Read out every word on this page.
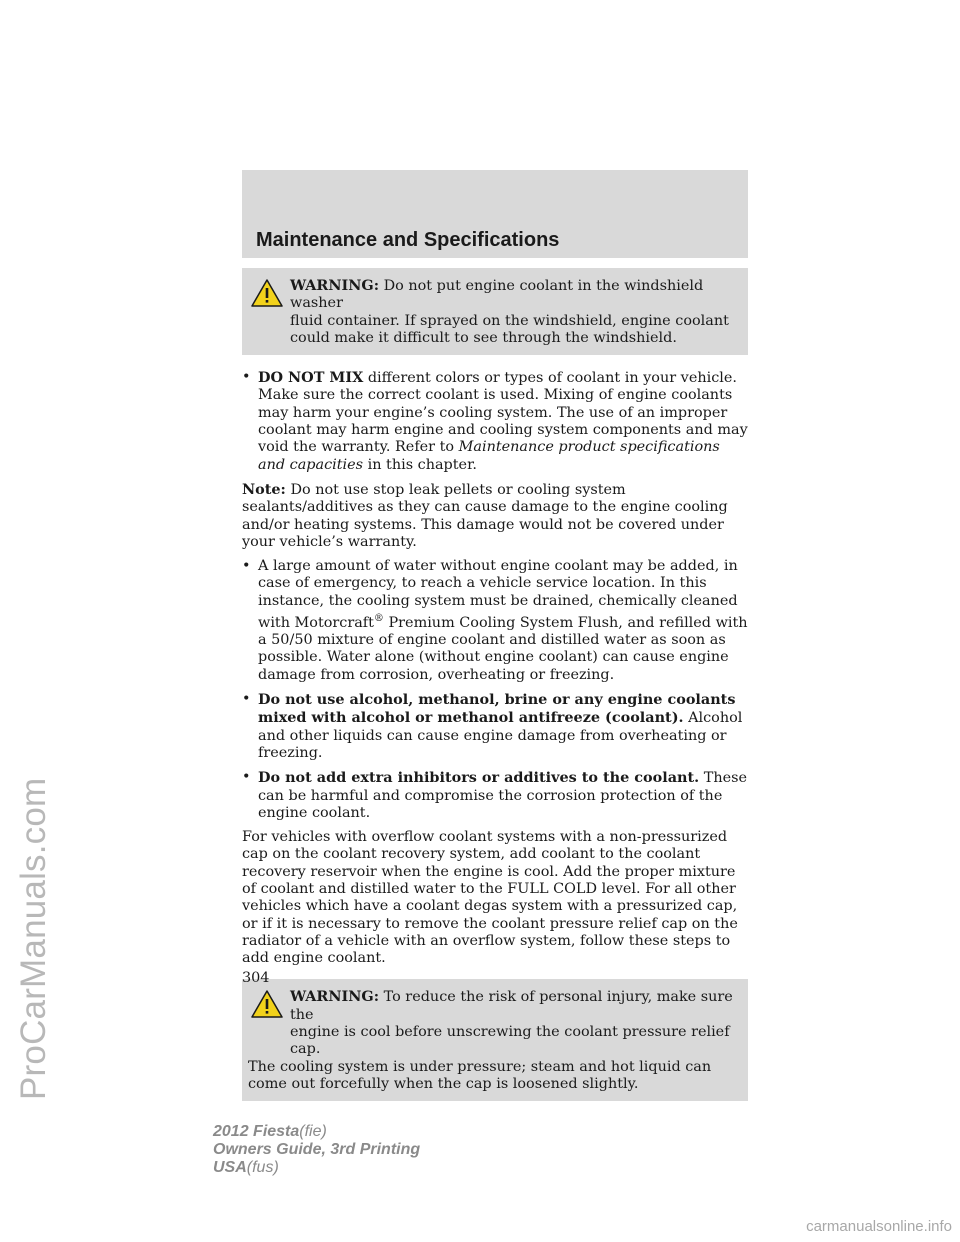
ProCarManuals.com
Maintenance and Specifications
WARNING: Do not put engine coolant in the windshield washer
fluid container. If sprayed on the windshield, engine coolant could make it difficult to see through the windshield.
• DO NOT MIX different colors or types of coolant in your vehicle. Make sure the correct coolant is used. Mixing of engine coolants may harm your engine’s cooling system. The use of an improper coolant may harm engine and cooling system components and may void the warranty. Refer to Maintenance product specifications and capacities in this chapter.
Note: Do not use stop leak pellets or cooling system sealants/additives as they can cause damage to the engine cooling and/or heating systems. This damage would not be covered under your vehicle’s warranty.
• A large amount of water without engine coolant may be added, in case of emergency, to reach a vehicle service location. In this instance, the cooling system must be drained, chemically cleaned with Motorcraft® Premium Cooling System Flush, and refilled with a 50/50 mixture of engine coolant and distilled water as soon as possible. Water alone (without engine coolant) can cause engine damage from corrosion, overheating or freezing.
• Do not use alcohol, methanol, brine or any engine coolants mixed with alcohol or methanol antifreeze (coolant). Alcohol and other liquids can cause engine damage from overheating or freezing.
• Do not add extra inhibitors or additives to the coolant. These can be harmful and compromise the corrosion protection of the engine coolant.
For vehicles with overflow coolant systems with a non-pressurized cap on the coolant recovery system, add coolant to the coolant recovery reservoir when the engine is cool. Add the proper mixture of coolant and distilled water to the FULL COLD level. For all other vehicles which have a coolant degas system with a pressurized cap, or if it is necessary to remove the coolant pressure relief cap on the radiator of a vehicle with an overflow system, follow these steps to add engine coolant.
WARNING: To reduce the risk of personal injury, make sure the
engine is cool before unscrewing the coolant pressure relief cap.
The cooling system is under pressure; steam and hot liquid can come out forcefully when the cap is loosened slightly.
304
2012 Fiesta(fie)
Owners Guide, 3rd Printing
USA(fus)
carmanualsonline.info
